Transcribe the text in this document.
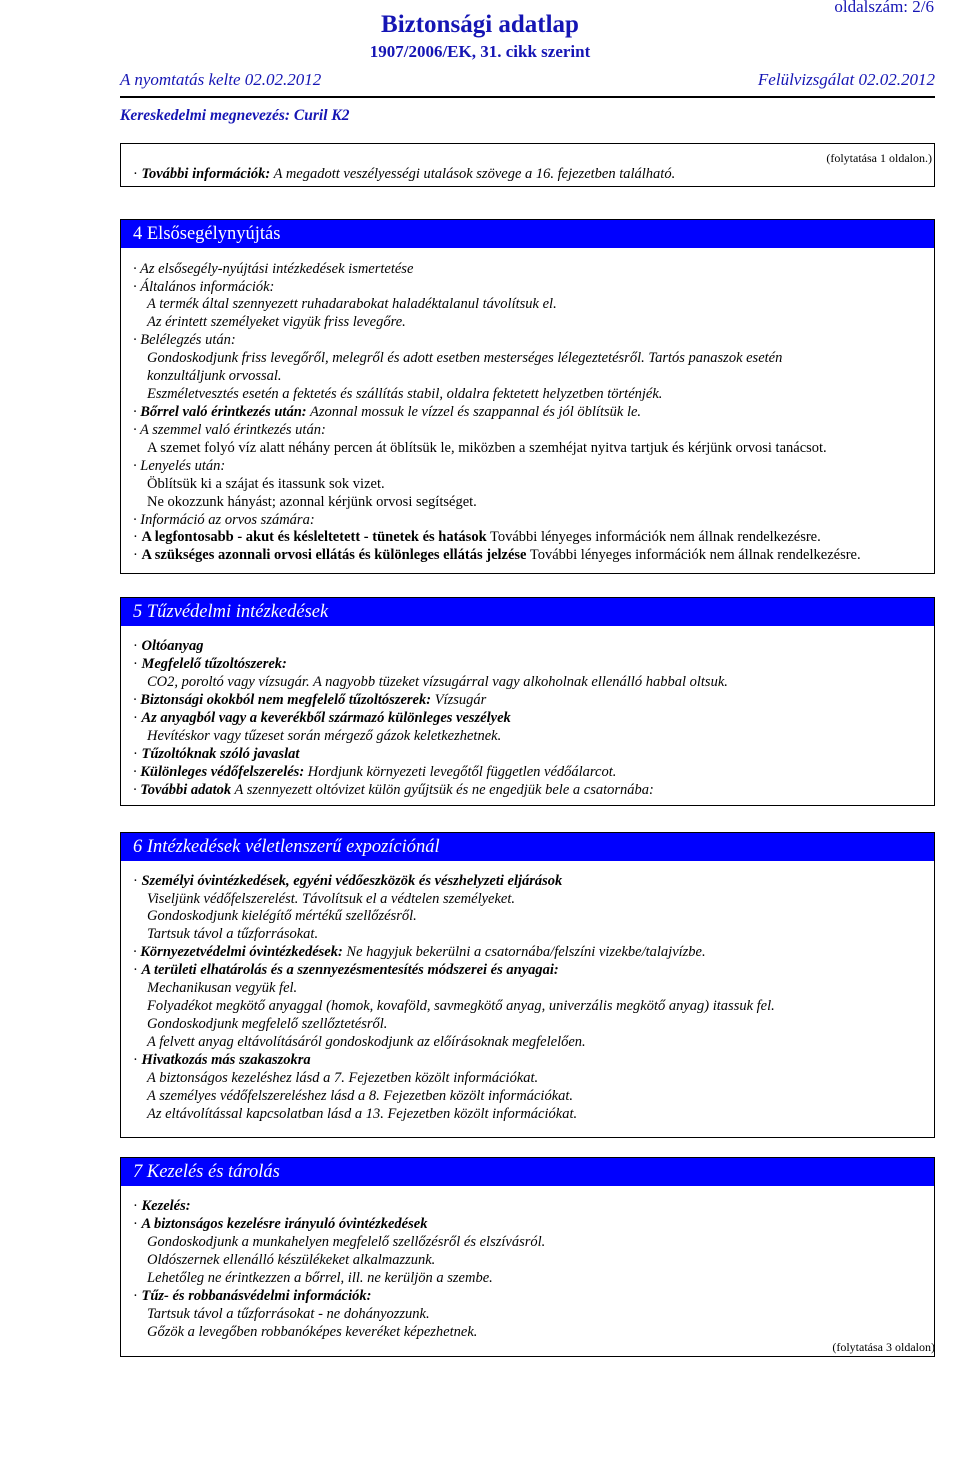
oldalszám: 2/6
Biztonsági adatlap
1907/2006/EK, 31. cikk szerint
A nyomtatás kelte 02.02.2012	Felülvizsgálat 02.02.2012
Kereskedelmi megnevezés: Curil K2
(folytatása 1 oldalon.)
· További információk: A megadott veszélyességi utalások szövege a 16. fejezetben található.
4 Elsősegélynyújtás
· Az elsősegély-nyújtási intézkedések ismertetése
· Általános információk:
A termék által szennyezett ruhadarabokat haladéktalanul távolítsuk el.
Az érintett személyeket vigyük friss levegőre.
· Belélegzés után:
Gondoskodjunk friss levegőről, melegről és adott esetben mesterséges lélegeztetésről. Tartós panaszok esetén
konzultáljunk orvossal.
Eszméletvesztés esetén a fektetés és szállítás stabil, oldalra fektetett helyzetben történjék.
· Bőrrel való érintkezés után: Azonnal mossuk le vízzel és szappannal és jól öblítsük le.
· A szemmel való érintkezés után:
A szemet folyó víz alatt néhány percen át öblítsük le, miközben a szemhéjat nyitva tartjuk és kérjünk orvosi tanácsot.
· Lenyelés után:
Öblítsük ki a szájat és itassunk sok vizet.
Ne okozzunk hányást; azonnal kérjünk orvosi segítséget.
· Információ az orvos számára:
· A legfontosabb - akut és késleltetett - tünetek és hatások További lényeges információk nem állnak rendelkezésre.
· A szükséges azonnali orvosi ellátás és különleges ellátás jelzése További lényeges információk nem állnak rendelkezésre.
5 Tűzvédelmi intézkedések
· Oltóanyag
· Megfelelő tűzoltószerek:
CO2, poroltó vagy vízsugár. A nagyobb tüzeket vízsugárral vagy alkoholnak ellenálló habbal oltsuk.
· Biztonsági okokból nem megfelelő tűzoltószerek: Vízsugár
· Az anyagból vagy a keverékből származó különleges veszélyek
Hevítéskor vagy tűzeset során mérgező gázok keletkezhetnek.
· Tűzoltóknak szóló javaslat
· Különleges védőfelszerelés: Hordjunk környezeti levegőtől független védőálarcot.
· További adatok A szennyezett oltóvizet külön gyűjtsük és ne engedjük bele a csatornába:
6 Intézkedések véletlenszerű expozíciónál
· Személyi óvintézkedések, egyéni védőeszközök és vészhelyzeti eljárások
Viseljünk védőfelszerelést. Távolítsuk el a védtelen személyeket.
Gondoskodjunk kielégítő mértékű szellőzésről.
Tartsuk távol a tűzforrásokat.
· Környezetvédelmi óvintézkedések: Ne hagyjuk bekerülni a csatornába/felszíni vizekbe/talajvízbe.
· A területi elhatárolás és a szennyezésmentesítés módszerei és anyagai:
Mechanikusan vegyük fel.
Folyadékot megkötő anyaggal (homok, kovaföld, savmegkötő anyag, univerzális megkötő anyag) itassuk fel.
Gondoskodjunk megfelelő szellőztetésről.
A felvett anyag eltávolításáról gondoskodjunk az előírásoknak megfelelően.
· Hivatkozás más szakaszokra
A biztonságos kezeléshez lásd a 7. Fejezetben közölt információkat.
A személyes védőfelszereléshez lásd a 8. Fejezetben közölt információkat.
Az eltávolítással kapcsolatban lásd a 13. Fejezetben közölt információkat.
7 Kezelés és tárolás
· Kezelés:
· A biztonságos kezelésre irányuló óvintézkedések
Gondoskodjunk a munkahelyen megfelelő szellőzésről és elszívásról.
Oldószernek ellenálló készülékeket alkalmazzunk.
Lehetőleg ne érintkezzen a bőrrel, ill. ne kerüljön a szembe.
· Tűz- és robbanásvédelmi információk:
Tartsuk távol a tűzforrásokat - ne dohányozzunk.
Gőzök a levegőben robbanóképes keveréket képezhetnek.
(folytatása 3 oldalon)
